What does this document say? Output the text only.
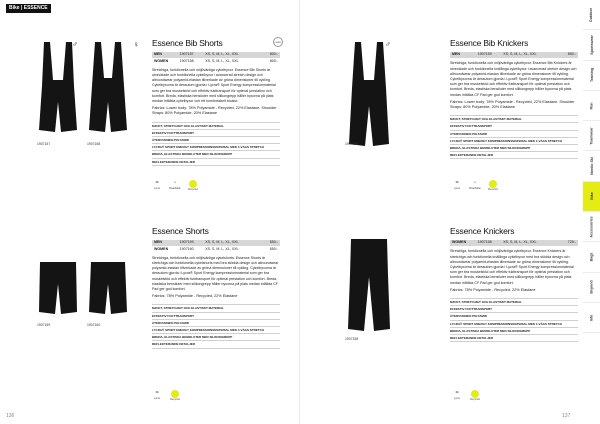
Bike | ESSENCE
136	137
1907157	1907158
♂	♀ Essence Bib Shorts
MEN	1907157	XS, S, M, L, XL, XXL	800:-
WOMEN	1907158	XS, S, M, L, XL, XXL	800:-

Stretchiga, funktionella och miljövänliga cykelbyxor. Essence Bib Shorts är utvecklade och funktionella cykelbyxor i avancerad stretch design och allroundwear polyamid-elastan tillverkade av gröna dimensioner till cykling. Cykelbyxorna är dessutom gjorda i Lycra® Sport Energy kompressionmaterial som ger bra muskelstöd och effektiv fukttransport för optimal prestation och komfort. Breda, elastiska bensiluter med silikongrepp håller byxorna på plats medan infällda cykelbyxor och ett komfortabelt bioslut.

Fabrics: Lower body: 78% Polyamide - Recycled, 22% Elastane. Shoulder Straps: 80% Polyamide, 20% Elastane

MJUKT, STRETCHIGT OCH ELASTISKT MATERIAL
EFFEKTIV FUKTTRANSPORT
ÅTERVUNNEN POLYAMID
LYCRA® SPORT ENERGY KOMPRESSIONSMATERIAL MED 4-VÄGS STRETCH
BREDA, ELASTISKA BENSILUTER MED SILIKONGREPP
REFLEKTERANDE DETALJER
CRAFT
≈
Lycra
◦
Breathable	Recycled
1907159
♂	Essence Bib Knickers
MEN	1907159	XS, S, M, L, XL, XXL	850:-

Stretchiga, funktionella och miljövänliga cykelbyxor. Essence Bib Knickers är utvecklade och funktionella knälånga cykelbyxor i avancerad stretch design och allroundwear polyamid-elastan tillverkade av gröna dimensioner till cykling. Cykelbyxorna är dessutom gjorda i Lycra® Sport Energy kompressionmaterial som ger bra muskelstöd och effektiv fukttransport för optimal prestation och komfort. Breda, elastiska bensiluter med silikongrepp håller byxorna på plats medan infällda CF Pad ger god komfort.

Fabrics: Lower body: 78% Polyamide - Recycled, 22% Elastane. Shoulder Straps: 80% Polyamide, 20% Elastane

MJUKT, STRETCHIGT OCH ELASTISKT MATERIAL
EFFEKTIV FUKTTRANSPORT
ÅTERVUNNEN POLYAMID
LYCRA® SPORT ENERGY KOMPRESSIONSMATERIAL MED 4-VÄGS STRETCH
BREDA, ELASTISKA BENSILUTER MED SILIKONGREPP
REFLEKTERANDE DETALJER
≈
Lycra
◦
Breathable	Recycled
1907159	1907160
Essence Shorts
MEN	1907159	XS, S, M, L, XL, XXL	650:-
WOMEN	1907160	XS, S, M, L, XL, XXL	650:-

Stretchiga, funktionella och miljövänliga cykelshorts. Essence Shorts är stretchiga och funktionella cykelshorts med bra stödda design och allroundwear polyamid-elastan tillverkade av gröna dimensioner till cykling. Cykelbyxorna är dessutom gjorda i Lycra® Sport Energy kompressionmaterial som ger bra muskelstöd och effektiv fukttransport för optimal prestation och komfort. Breda, elastiska bensiluter med silikongrepp håller byxorna på plats medan infällda CF Pad ger god komfort.

Fabrics: 78% Polyamide - Recycled, 22% Elastane

MJUKT, STRETCHIGT OCH ELASTISKT MATERIAL
EFFEKTIV FUKTTRANSPORT
ÅTERVUNNEN POLYAMID
LYCRA® SPORT ENERGY KOMPRESSIONSMATERIAL MED 4-VÄGS STRETCH
BREDA, ELASTISKA BENSILUTER MED SILIKONGREPP
REFLEKTERANDE DETALJER
≈
Lycra	Recycled
1907158
Essence Knickers
WOMEN	1907158	XS, S, M, L, XL, XXL	725:-

Stretchiga, funktionella och miljövänliga cykelbyxor. Essence Knickers är stretchiga och funktionella knälånga cykelbyxor med bra stödda design och allroundwear polyamid-elastan tillverkade av gröna dimensioner till cykling. Cykelbyxorna är dessutom gjorda i Lycra® Sport Energy kompressionmaterial som ger bra muskelstöd och effektiv fukttransport för optimal prestation och komfort. Breda, elastiska bensiluter med silikongrepp håller byxorna på plats medan infällda CF Pad ger god komfort.

Fabrics: 78% Polyamide - Recycled, 22% Elastane

MJUKT, STRETCHIGT OCH ELASTISKT MATERIAL
EFFEKTIV FUKTTRANSPORT
ÅTERVUNNEN POLYAMID
LYCRA® SPORT ENERGY KOMPRESSIONSMATERIAL MED 4-VÄGS STRETCH
BREDA, ELASTISKA BENSILUTER MED SILIKONGREPP
REFLEKTERANDE DETALJER
≈
Lycra	Recycled
Outdoor
Sportswear
Training
Run
Teamwear
Nordic Ski
Bike
Accessories
Bags
Beyond
Info
